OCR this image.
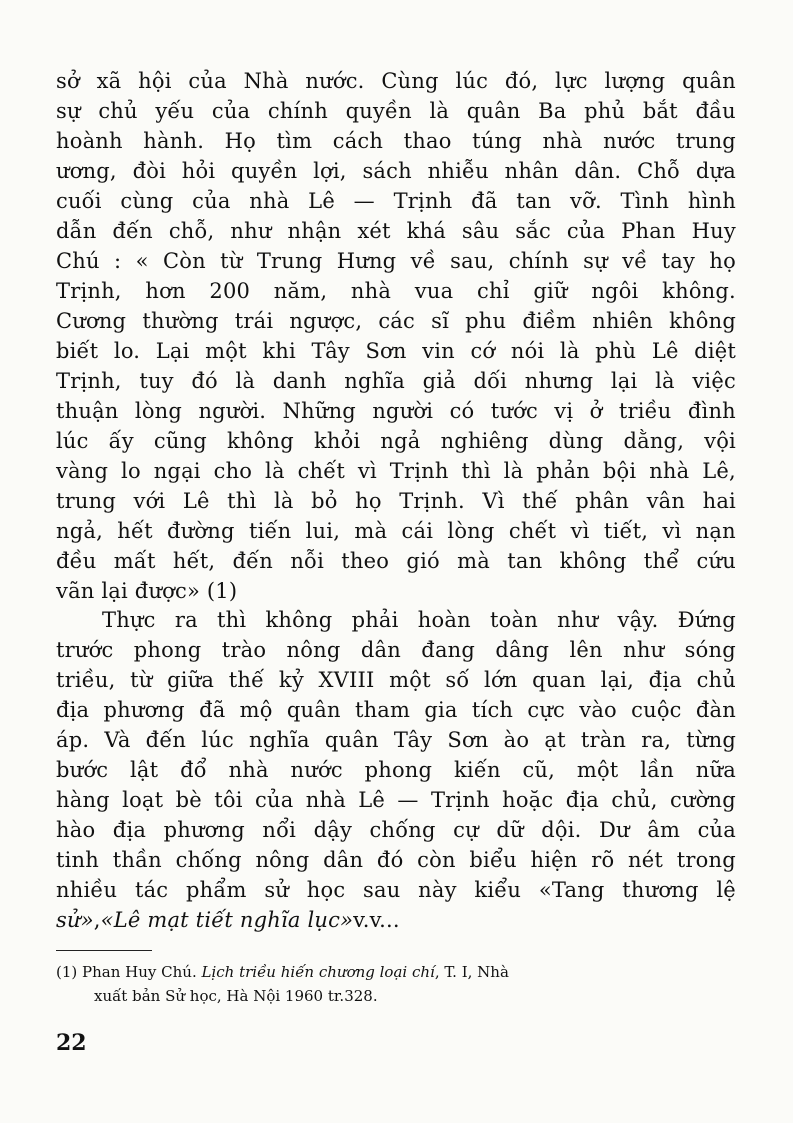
sở xã hội của Nhà nước. Cùng lúc đó, lực lượng quân
sự chủ yếu của chính quyền là quân Ba phủ bắt đầu
hoành hành. Họ tìm cách thao túng nhà nước trung
ương, đòi hỏi quyền lợi, sách nhiễu nhân dân. Chỗ dựa
cuối cùng của nhà Lê — Trịnh đã tan vỡ. Tình hình
dẫn đến chỗ, như nhận xét khá sâu sắc của Phan Huy
Chú : « Còn từ Trung Hưng về sau, chính sự về tay họ
Trịnh, hơn 200 năm, nhà vua chỉ giữ ngôi không.
Cương thường trái ngược, các sĩ phu điềm nhiên không
biết lo. Lại một khi Tây Sơn vin cớ nói là phù Lê diệt
Trịnh, tuy đó là danh nghĩa giả dối nhưng lại là việc
thuận lòng người. Những người có tước vị ở triều đình
lúc ấy cũng không khỏi ngả nghiêng dùng dằng, vội
vàng lo ngại cho là chết vì Trịnh thì là phản bội nhà Lê,
trung với Lê thì là bỏ họ Trịnh. Vì thế phân vân hai
ngả, hết đường tiến lui, mà cái lòng chết vì tiết, vì nạn
đều mất hết, đến nỗi theo gió mà tan không thể cứu
vãn lại được» (1)
Thực ra thì không phải hoàn toàn như vậy. Đứng
trước phong trào nông dân đang dâng lên như sóng
triều, từ giữa thế kỷ XVIII một số lớn quan lại, địa chủ
địa phương đã mộ quân tham gia tích cực vào cuộc đàn
áp. Và đến lúc nghĩa quân Tây Sơn ào ạt tràn ra, từng
bước lật đổ nhà nước phong kiến cũ, một lần nữa
hàng loạt bè tôi của nhà Lê — Trịnh hoặc địa chủ, cường
hào địa phương nổi dậy chống cự dữ dội. Dư âm của
tinh thần chống nông dân đó còn biểu hiện rõ nét trong
nhiều tác phẩm sử học sau này kiểu «Tang thương lệ
sử» , «Lê mạt tiết nghĩa lục» v.v...
(1) Phan Huy Chú. Lịch triều hiến chương loại chí, T. I, Nhà
xuất bản Sử học, Hà Nội 1960 tr.328.
22
